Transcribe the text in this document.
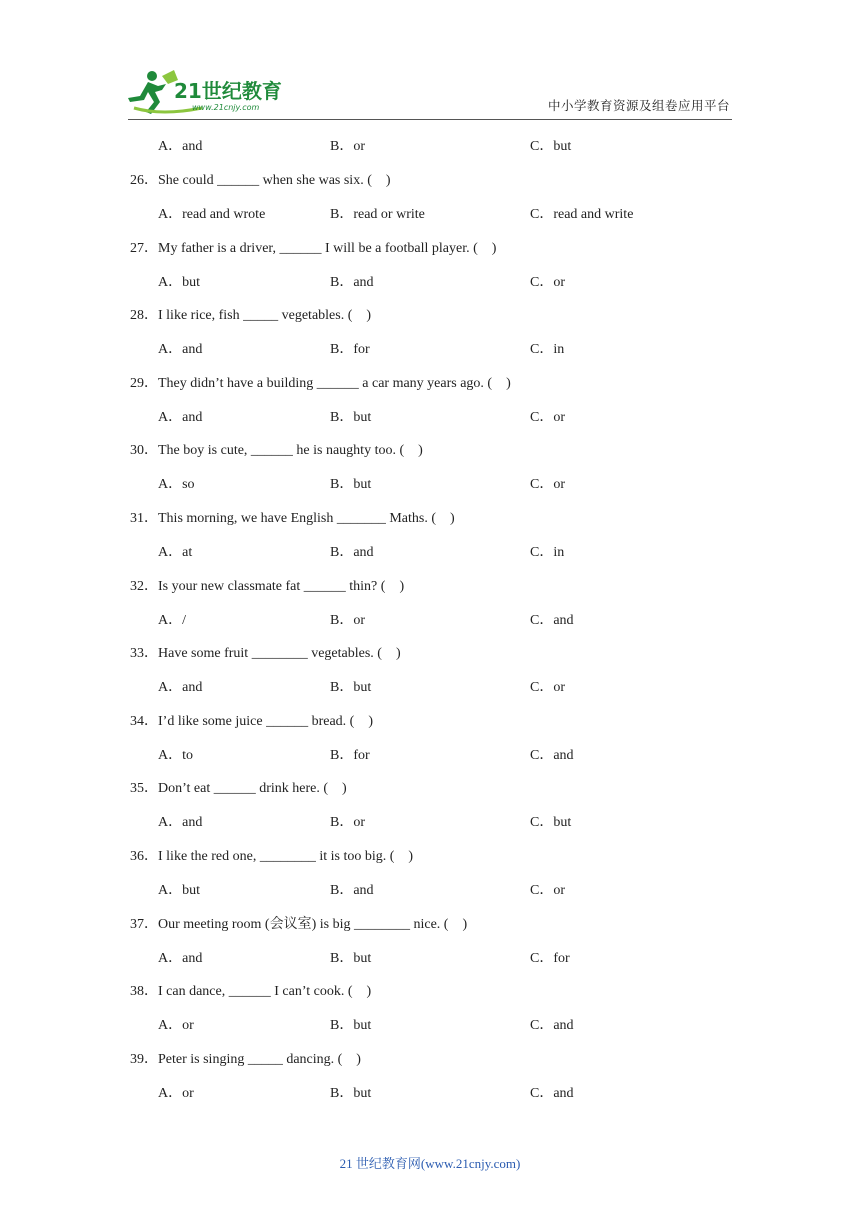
21世纪教育
www.21cnjy.com	中小学教育资源及组卷应用平台
A．and	B．or	C．but
26．She could ______ when she was six. (　)
A．read and wrote	B．read or write	C．read and write
27．My father is a driver, ______ I will be a football player. (　)
A．but	B．and	C．or
28．I like rice, fish _____ vegetables. (　)
A．and	B．for	C．in
29．They didn’t have a building ______ a car many years ago. (　)
A．and	B．but	C．or
30．The boy is cute, ______ he is naughty too. (　)
A．so	B．but	C．or
31．This morning, we have English _______ Maths. (　)
A．at	B．and	C．in
32．Is your new classmate fat ______ thin? (　)
A．/	B．or	C．and
33．Have some fruit ________ vegetables. (　)
A．and	B．but	C．or
34．I’d like some juice ______ bread. (　)
A．to	B．for	C．and
35．Don’t eat ______ drink here. (　)
A．and	B．or	C．but
36．I like the red one, ________ it is too big. (　)
A．but	B．and	C．or
37．Our meeting room (会议室) is big ________ nice. (　)
A．and	B．but	C．for
38．I can dance, ______ I can’t cook. (　)
A．or	B．but	C．and
39．Peter is singing _____ dancing. (　)
A．or	B．but	C．and
21 世纪教育网(www.21cnjy.com)
